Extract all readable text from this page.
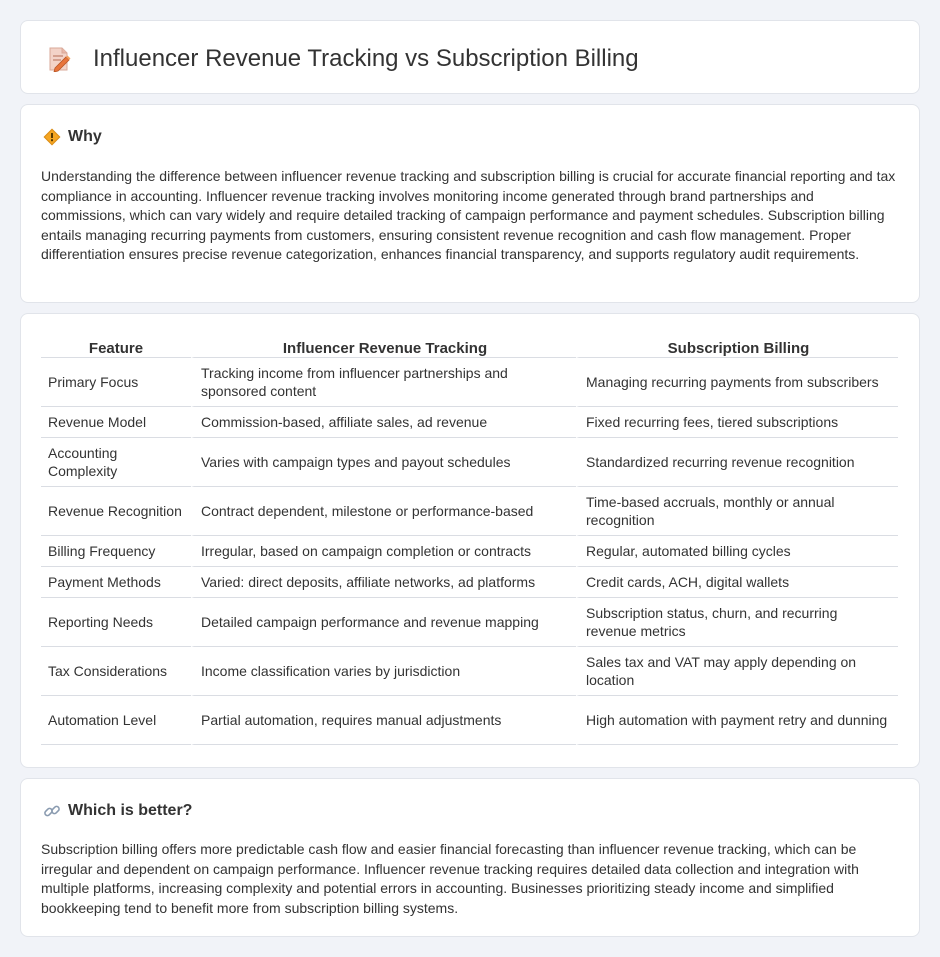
Influencer Revenue Tracking vs Subscription Billing
Why

Understanding the difference between influencer revenue tracking and subscription billing is crucial for accurate financial reporting and tax compliance in accounting. Influencer revenue tracking involves monitoring income generated through brand partnerships and commissions, which can vary widely and require detailed tracking of campaign performance and payment schedules. Subscription billing entails managing recurring payments from customers, ensuring consistent revenue recognition and cash flow management. Proper differentiation ensures precise revenue categorization, enhances financial transparency, and supports regulatory audit requirements.

Feature	Influencer Revenue Tracking	Subscription Billing
Primary Focus	Tracking income from influencer partnerships and sponsored content	Managing recurring payments from subscribers
Revenue Model	Commission-based, affiliate sales, ad revenue	Fixed recurring fees, tiered subscriptions
Accounting Complexity	Varies with campaign types and payout schedules	Standardized recurring revenue recognition
Revenue Recognition	Contract dependent, milestone or performance-based	Time-based accruals, monthly or annual recognition
Billing Frequency	Irregular, based on campaign completion or contracts	Regular, automated billing cycles
Payment Methods	Varied: direct deposits, affiliate networks, ad platforms	Credit cards, ACH, digital wallets
Reporting Needs	Detailed campaign performance and revenue mapping	Subscription status, churn, and recurring revenue metrics
Tax Considerations	Income classification varies by jurisdiction	Sales tax and VAT may apply depending on location
Automation Level	Partial automation, requires manual adjustments	High automation with payment retry and dunning
Which is better?

Subscription billing offers more predictable cash flow and easier financial forecasting than influencer revenue tracking, which can be irregular and dependent on campaign performance. Influencer revenue tracking requires detailed data collection and integration with multiple platforms, increasing complexity and potential errors in accounting. Businesses prioritizing steady income and simplified bookkeeping tend to benefit more from subscription billing systems.
